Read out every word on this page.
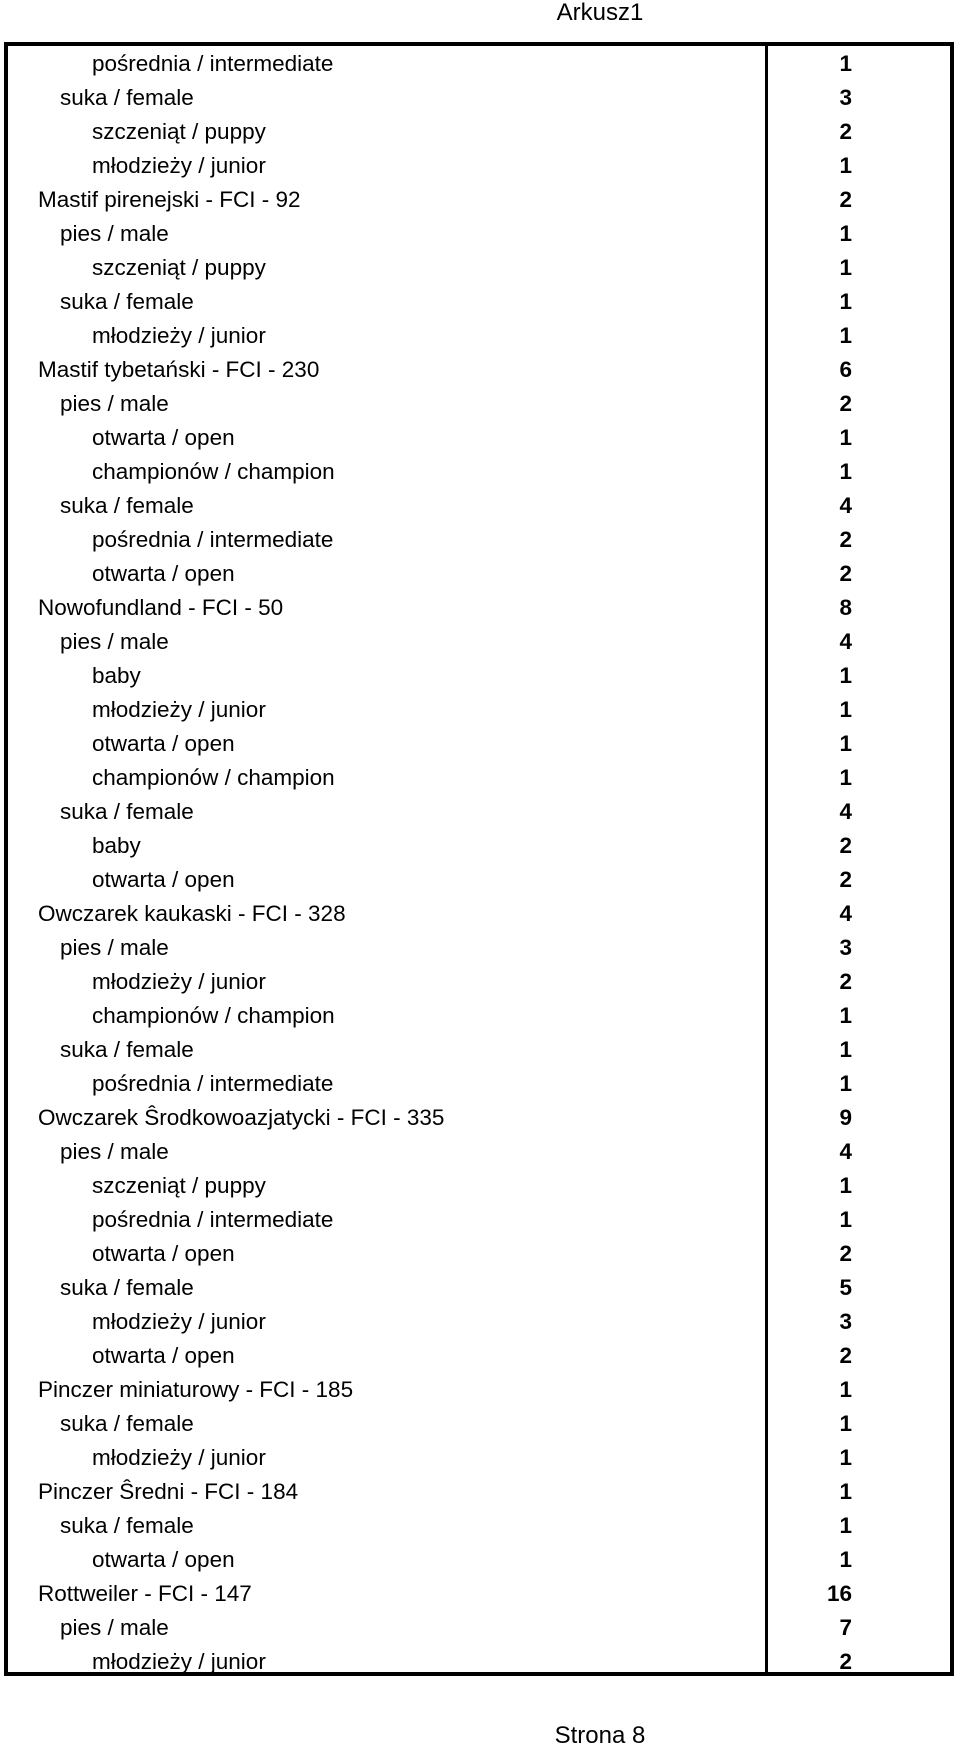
Arkusz1
pośrednia / intermediate	1
suka / female	3
szczeniąt / puppy	2
młodzieży / junior	1
Mastif pirenejski - FCI - 92	2
pies / male	1
szczeniąt / puppy	1
suka / female	1
młodzieży / junior	1
Mastif tybetański - FCI - 230	6
pies / male	2
otwarta / open	1
championów / champion	1
suka / female	4
pośrednia / intermediate	2
otwarta / open	2
Nowofundland - FCI - 50	8
pies / male	4
baby	1
młodzieży / junior	1
otwarta / open	1
championów / champion	1
suka / female	4
baby	2
otwarta / open	2
Owczarek kaukaski - FCI - 328	4
pies / male	3
młodzieży / junior	2
championów / champion	1
suka / female	1
pośrednia / intermediate	1
Owczarek Ŝrodkowoazjatycki - FCI - 335	9
pies / male	4
szczeniąt / puppy	1
pośrednia / intermediate	1
otwarta / open	2
suka / female	5
młodzieży / junior	3
otwarta / open	2
Pinczer miniaturowy - FCI - 185	1
suka / female	1
młodzieży / junior	1
Pinczer Ŝredni - FCI - 184	1
suka / female	1
otwarta / open	1
Rottweiler - FCI - 147	16
pies / male	7
młodzieży / junior	2
Strona 8
